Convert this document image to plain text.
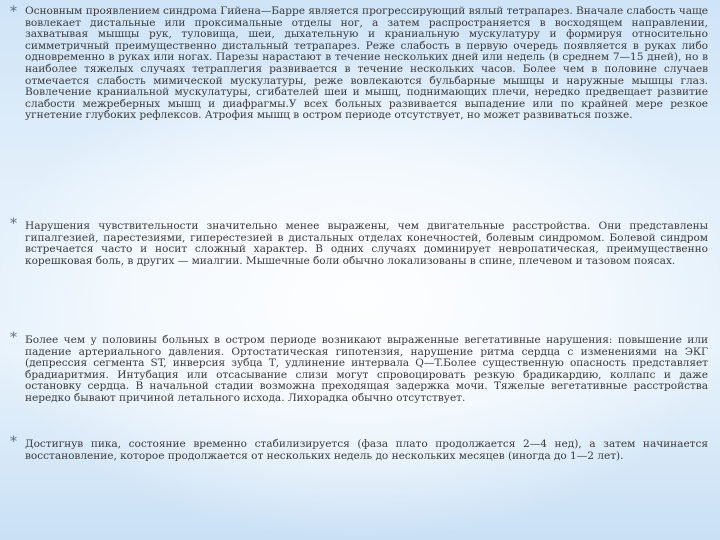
* Основным проявлением синдрома Гийена—Барре является прогрессирующий вялый тетрапарез. Вначале слабость чаще вовлекает дистальные или проксимальные отделы ног, а затем распространяется в восходящем направлении, захватывая мышцы рук, туловища, шеи, дыхательную и краниальную мускулатуру и формируя относительно симметричный преимущественно дистальный тетрапарез. Реже слабость в первую очередь появляется в руках либо одновременно в руках или ногах. Парезы нарастают в течение нескольких дней или недель (в среднем 7—15 дней), но в наиболее тяжелых случаях тетраплегия развивается в течение нескольких часов. Более чем в половине случаев отмечается слабость мимической мускулатуры, реже вовлекаются бульбарные мышцы и наружные мышцы глаз. Вовлечение краниальной мускулатуры, сгибателей шеи и мышц, поднимающих плечи, нередко предвещает развитие слабости межреберных мышц и диафрагмы.У всех больных развивается выпадение или по крайней мере резкое угнетение глубоких рефлексов. Атрофия мышц в остром периоде отсутствует, но может развиваться позже.
* Нарушения чувствительности значительно менее выражены, чем двигательные расстройства. Они представлены гипалгезией, парестезиями, гиперестезией в дистальных отделах конечностей, болевым синдромом. Болевой синдром встречается часто и носит сложный характер. В одних случаях доминирует невропатическая, преимущественно корешковая боль, в других — миалгии. Мышечные боли обычно локализованы в спине, плечевом и тазовом поясах.
* Более чем у половины больных в остром периоде возникают выраженные вегетативные нарушения: повышение или падение артериального давления. Ортостатическая гипотензия, нарушение ритма сердца с изменениями на ЭКГ (депрессия сегмента ST, инверсия зубца Т, удлинение интервала Q—T.Более существенную опасность представляет брадиаритмия. Интубация или отсасывание слизи могут спровоцировать резкую брадикардию, коллапс и даже остановку сердца. В начальной стадии возможна преходящая задержка мочи. Тяжелые вегетативные расстройства нередко бывают причиной летального исхода. Лихорадка обычно отсутствует.
* Достигнув пика, состояние временно стабилизируется (фаза плато продолжается 2—4 нед), а затем начинается восстановление, которое продолжается от нескольких недель до нескольких месяцев (иногда до 1—2 лет).
